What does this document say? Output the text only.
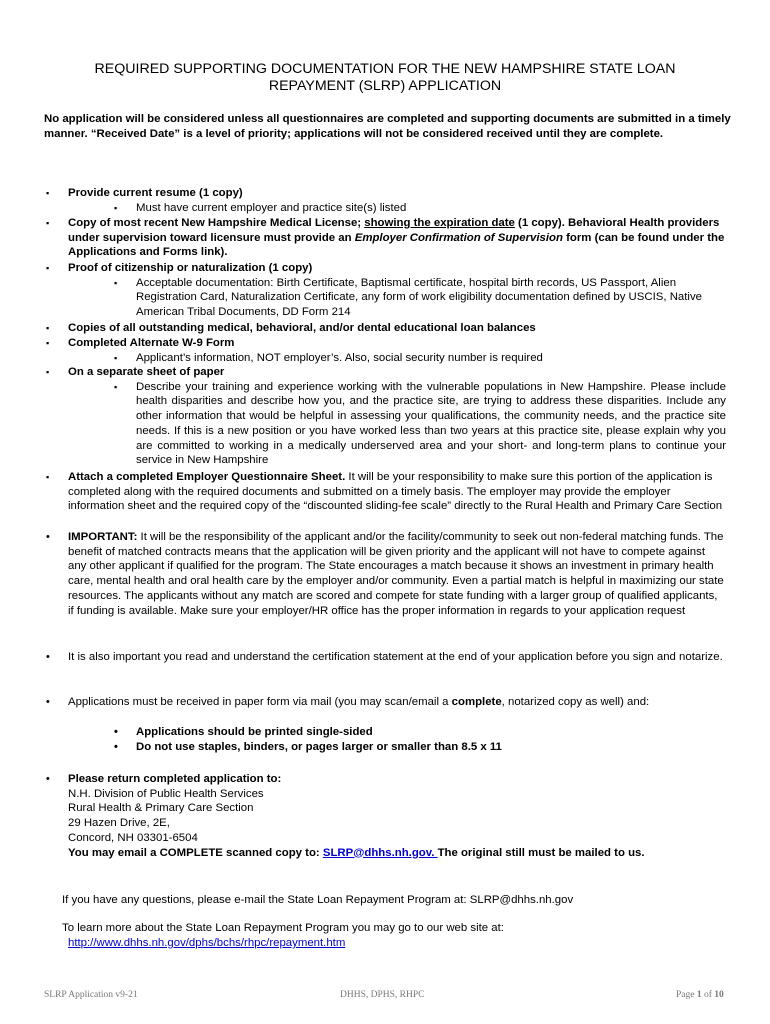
REQUIRED SUPPORTING DOCUMENTATION FOR THE NEW HAMPSHIRE STATE LOAN
REPAYMENT (SLRP) APPLICATION
No application will be considered unless all questionnaires are completed and supporting documents are submitted in a timely manner. “Received Date” is a level of priority; applications will not be considered received until they are complete.
▪ Provide current resume (1 copy)
▪ Must have current employer and practice site(s) listed
▪ Copy of most recent New Hampshire Medical License; showing the expiration date (1 copy). Behavioral Health providers under supervision toward licensure must provide an Employer Confirmation of Supervision form (can be found under the Applications and Forms link).
▪ Proof of citizenship or naturalization (1 copy)
▪ Acceptable documentation: Birth Certificate, Baptismal certificate, hospital birth records, US Passport, Alien Registration Card, Naturalization Certificate, any form of work eligibility documentation defined by USCIS, Native American Tribal Documents, DD Form 214
▪ Copies of all outstanding medical, behavioral, and/or dental educational loan balances
▪ Completed Alternate W-9 Form
▪ Applicant’s information, NOT employer’s. Also, social security number is required
▪ On a separate sheet of paper
▪ Describe your training and experience working with the vulnerable populations in New Hampshire. Please include health disparities and describe how you, and the practice site, are trying to address these disparities. Include any other information that would be helpful in assessing your qualifications, the community needs, and the practice site needs. If this is a new position or you have worked less than two years at this practice site, please explain why you are committed to working in a medically underserved area and your short- and long-term plans to continue your service in New Hampshire
▪ Attach a completed Employer Questionnaire Sheet. It will be your responsibility to make sure this portion of the application is completed along with the required documents and submitted on a timely basis. The employer may provide the employer information sheet and the required copy of the “discounted sliding-fee scale” directly to the Rural Health and Primary Care Section
• IMPORTANT: It will be the responsibility of the applicant and/or the facility/community to seek out non-federal matching funds. The benefit of matched contracts means that the application will be given priority and the applicant will not have to compete against any other applicant if qualified for the program. The State encourages a match because it shows an investment in primary health care, mental health and oral health care by the employer and/or community. Even a partial match is helpful in maximizing our state resources. The applicants without any match are scored and compete for state funding with a larger group of qualified applicants, if funding is available. Make sure your employer/HR office has the proper information in regards to your application request
• It is also important you read and understand the certification statement at the end of your application before you sign and notarize.
• Applications must be received in paper form via mail (you may scan/email a complete, notarized copy as well) and:
• Applications should be printed single-sided
• Do not use staples, binders, or pages larger or smaller than 8.5 x 11
• Please return completed application to:
N.H. Division of Public Health Services
Rural Health & Primary Care Section
29 Hazen Drive, 2E,
Concord, NH 03301-6504
You may email a COMPLETE scanned copy to: SLRP@dhhs.nh.gov. The original still must be mailed to us.
If you have any questions, please e-mail the State Loan Repayment Program at: SLRP@dhhs.nh.gov
To learn more about the State Loan Repayment Program you may go to our web site at:
http://www.dhhs.nh.gov/dphs/bchs/rhpc/repayment.htm
SLRP Application v9-21	DHHS, DPHS, RHPC	Page 1 of 10
